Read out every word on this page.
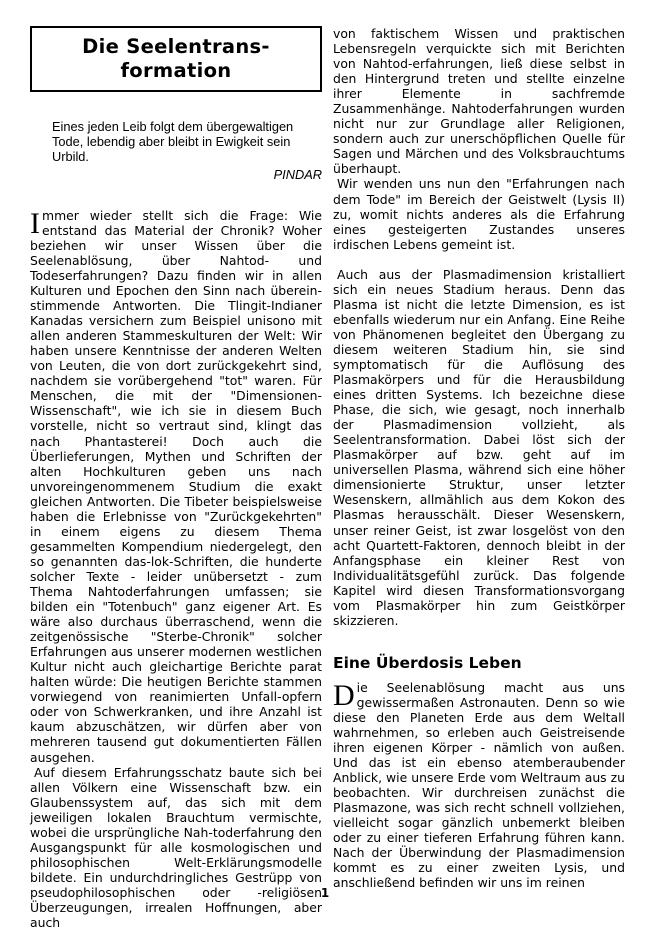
Die Seelentrans-
formation
Eines jeden Leib folgt dem übergewaltigen Tode, lebendig aber bleibt in Ewigkeit sein Urbild.
PINDAR

Immer wieder stellt sich die Frage: Wie entstand das Material der Chronik? Woher beziehen wir unser Wissen über die Seelenablösung, über Nahtod- und Todeserfahrungen? Dazu finden wir in allen Kulturen und Epochen den Sinn nach überein-stimmende Antworten. Die Tlingit-Indianer Kanadas versichern zum Beispiel unisono mit allen anderen Stammeskulturen der Welt: Wir haben unsere Kenntnisse der anderen Welten von Leuten, die von dort zurückgekehrt sind, nachdem sie vorübergehend "tot" waren. Für Menschen, die mit der "Dimensionen-Wissenschaft", wie ich sie in diesem Buch vorstelle, nicht so vertraut sind, klingt das nach Phantasterei! Doch auch die Überlieferungen, Mythen und Schriften der alten Hochkulturen geben uns nach unvoreingenommenem Studium die exakt gleichen Antworten. Die Tibeter beispielsweise haben die Erlebnisse von "Zurückgekehrten" in einem eigens zu diesem Thema gesammelten Kompendium niedergelegt, den so genannten das-lok-Schriften, die hunderte solcher Texte - leider unübersetzt - zum Thema Nahtoderfahrungen umfassen; sie bilden ein "Totenbuch" ganz eigener Art. Es wäre also durchaus überraschend, wenn die zeitgenössische "Sterbe-Chronik" solcher Erfahrungen aus unserer modernen westlichen Kultur nicht auch gleichartige Berichte parat halten würde: Die heutigen Berichte stammen vorwiegend von reanimierten Unfall-opfern oder von Schwerkranken, und ihre Anzahl ist kaum abzuschätzen, wir dürfen aber von mehreren tausend gut dokumentierten Fällen ausgehen.

Auf diesem Erfahrungsschatz baute sich bei allen Völkern eine Wissenschaft bzw. ein Glaubenssystem auf, das sich mit dem jeweiligen lokalen Brauchtum vermischte, wobei die ursprüngliche Nah-toderfahrung den Ausgangspunkt für alle kosmologischen und philosophischen Welt-Erklärungsmodelle bildete. Ein undurchdringliches Gestrüpp von pseudophilosophischen oder -religiösen Überzeugungen, irrealen Hoffnungen, aber auch

von faktischem Wissen und praktischen Lebensregeln verquickte sich mit Berichten von Nahtod-erfahrungen, ließ diese selbst in den Hintergrund treten und stellte einzelne ihrer Elemente in sachfremde Zusammenhänge. Nahtoderfahrungen wurden nicht nur zur Grundlage aller Religionen, sondern auch zur unerschöpflichen Quelle für Sagen und Märchen und des Volksbrauchtums überhaupt.

Wir wenden uns nun den "Erfahrungen nach dem Tode" im Bereich der Geistwelt (Lysis II) zu, womit nichts anderes als die Erfahrung eines gesteigerten Zustandes unseres irdischen Lebens gemeint ist.

Auch aus der Plasmadimension kristalliert sich ein neues Stadium heraus. Denn das Plasma ist nicht die letzte Dimension, es ist ebenfalls wiederum nur ein Anfang. Eine Reihe von Phänomenen begleitet den Übergang zu diesem weiteren Stadium hin, sie sind symptomatisch für die Auflösung des Plasmakörpers und für die Herausbildung eines dritten Systems. Ich bezeichne diese Phase, die sich, wie gesagt, noch innerhalb der Plasmadimension vollzieht, als Seelentransformation. Dabei löst sich der Plasmakörper auf bzw. geht auf im universellen Plasma, während sich eine höher dimensionierte Struktur, unser letzter Wesenskern, allmählich aus dem Kokon des Plasmas herausschält. Dieser Wesenskern, unser reiner Geist, ist zwar losgelöst von den acht Quartett-Faktoren, dennoch bleibt in der Anfangsphase ein kleiner Rest von Individualitätsgefühl zurück. Das folgende Kapitel wird diesen Transformationsvorgang vom Plasmakörper hin zum Geistkörper skizzieren.

Eine Überdosis Leben

Die Seelenablösung macht aus uns gewissermaßen Astronauten. Denn so wie diese den Planeten Erde aus dem Weltall wahrnehmen, so erleben auch Geistreisende ihren eigenen Körper - nämlich von außen. Und das ist ein ebenso atemberaubender Anblick, wie unsere Erde vom Weltraum aus zu beobachten. Wir durchreisen zunächst die Plasmazone, was sich recht schnell vollziehen, vielleicht sogar gänzlich unbemerkt bleiben oder zu einer tieferen Erfahrung führen kann. Nach der Überwindung der Plasmadimension kommt es zu einer zweiten Lysis, und anschließend befinden wir uns im reinen

1
